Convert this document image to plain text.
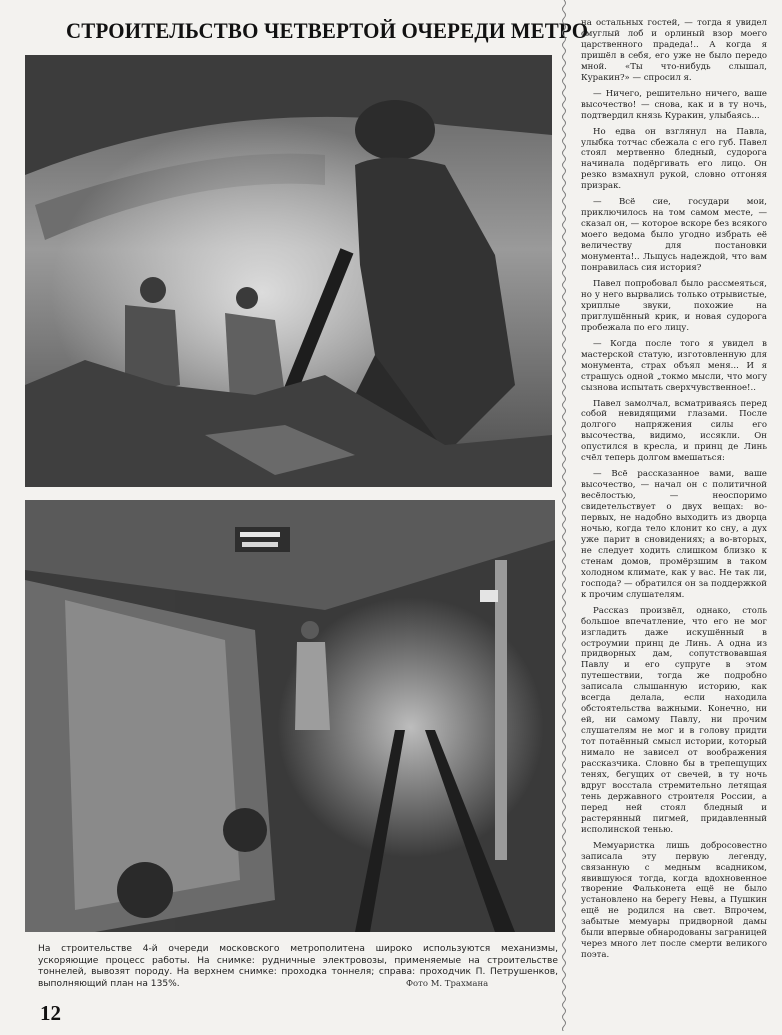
СТРОИТЕЛЬСТВО ЧЕТВЕРТОЙ ОЧЕРЕДИ МЕТРО
На строительстве 4-й очереди московского метрополитена широко используются механизмы, ускоряющие процесс работы. На снимке: рудничные электровозы, применяемые на строительстве тоннелей, вывозят породу. На верхнем снимке: проходка тоннеля; справа: проходчик П. Петрушенков, выполняющий план на 135%.	Фото М. Трахмана
12

на остальных гостей, — тогда я увидел смуглый лоб и орлиный взор моего царственного прадеда!.. А когда я пришёл в себя, его уже не было передо мной. «Ты что-нибудь слышал, Куракин?» — спросил я.

— Ничего, решительно ничего, ваше высочество! — снова, как и в ту ночь, подтвердил князь Куракин, улыбаясь...

Но едва он взглянул на Павла, улыбка тотчас сбежала с его губ. Павел стоял мертвенно бледный, судорога начинала подёргивать его лицо. Он резко взмахнул рукой, словно отгоняя призрак.

— Всё сие, государи мои, приключилось на том самом месте, — сказал он, — которое вскоре без всякого моего ведома было угодно избрать её величеству для постановки монумента!.. Льщусь надеждой, что вам понравилась сия история?

Павел попробовал было рассмеяться, но у него вырвались только отрывистые, хриплые звуки, похожие на приглушённый крик, и новая судорога пробежала по его лицу.

— Когда после того я увидел в мастерской статую, изготовленную для монумента, страх объял меня... И я страшусь одной „токмо мысли, что могу сызнова испытать сверхчувственное!..

Павел замолчал, всматриваясь перед собой невидящими глазами. После долгого напряжения силы его высочества, видимо, иссякли. Он опустился в кресла, и принц де Линь счёл теперь долгом вмешаться:

— Всё рассказанное вами, ваше высочество, — начал он с политичной весёлостью, — неоспоримо свидетельствует о двух вещах: во-первых, не надобно выходить из дворца ночью, когда тело клонит ко сну, а дух уже парит в сновидениях; а во-вторых, не следует ходить слишком близко к стенам домов, промёрзшим в таком холодном климате, как у вас. Не так ли, господа? — обратился он за поддержкой к прочим слушателям.

Рассказ произвёл, однако, столь большое впечатление, что его не мог изгладить даже искушённый в остроумии принц де Линь. А одна из придворных дам, сопутствовавшая Павлу и его супруге в этом путешествии, тогда же подробно записала слышанную историю, как всегда делала, если находила обстоятельства важными. Конечно, ни ей, ни самому Павлу, ни прочим слушателям не мог и в голову придти тот потаённый смысл истории, который нимало не зависел от воображения рассказчика. Словно бы в трепещущих тенях, бегущих от свечей, в ту ночь вдруг восстала стремительно летящая тень державного строителя России, а перед ней стоял бледный и растерянный пигмей, придавленный исполинской тенью.

Мемуаристка лишь добросовестно записала эту первую легенду, связанную с медным всадником, явившуюся тогда, когда вдохновенное творение Фальконета ещё не было установлено на берегу Невы, а Пушкин ещё не родился на свет. Впрочем, забытые мемуары придворной дамы были впервые обнародованы заграницей через много лет после смерти великого поэта.
